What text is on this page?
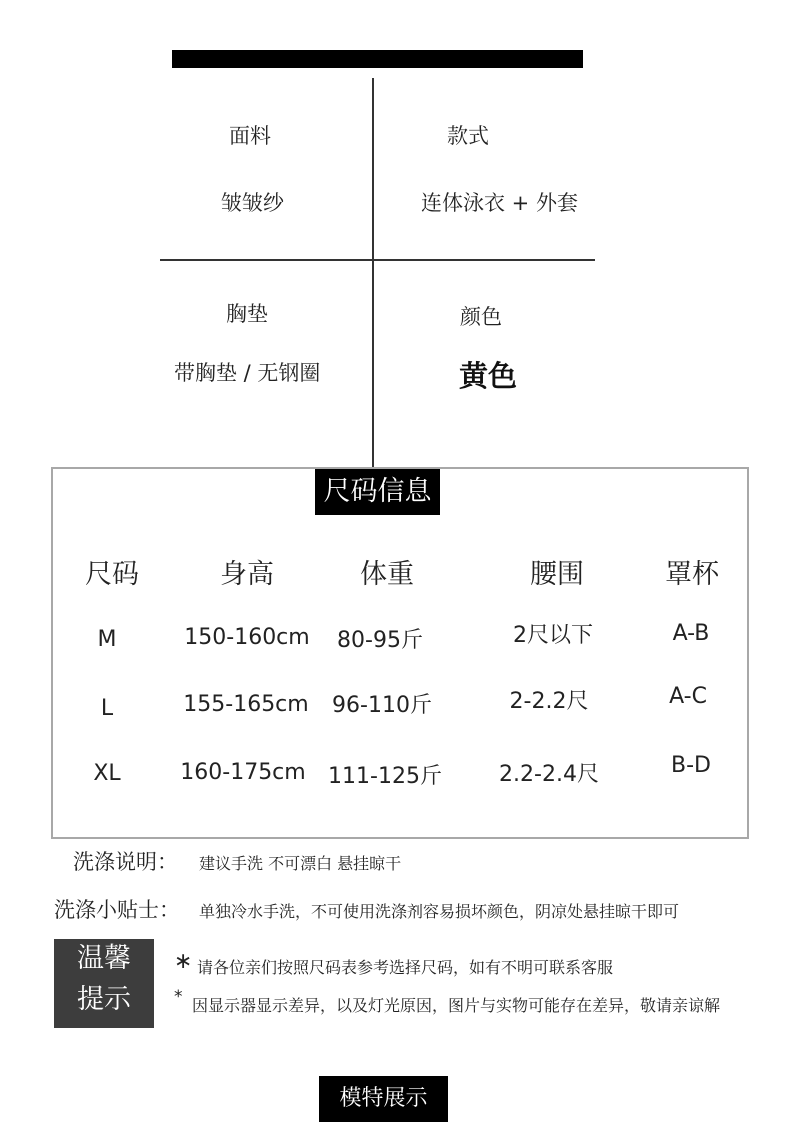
面料
皱皱纱
款式
连体泳衣 + 外套
胸垫
带胸垫 / 无钢圈
颜色
黄色
尺码信息
尺码	身高	体重	腰围	罩杯
M	150-160cm	80-95斤	2尺以下	A-B
L	155-165cm	96-110斤	2-2.2尺	A-C
XL	160-175cm	111-125斤	2.2-2.4尺	B-D
洗涤说明： 建议手洗 不可漂白 悬挂晾干
洗涤小贴士： 单独冷水手洗，不可使用洗涤剂容易损坏颜色，阴凉处悬挂晾干即可
温馨
提示
∗ 请各位亲们按照尺码表参考选择尺码，如有不明可联系客服
* 因显示器显示差异，以及灯光原因，图片与实物可能存在差异，敬请亲谅解
模特展示
